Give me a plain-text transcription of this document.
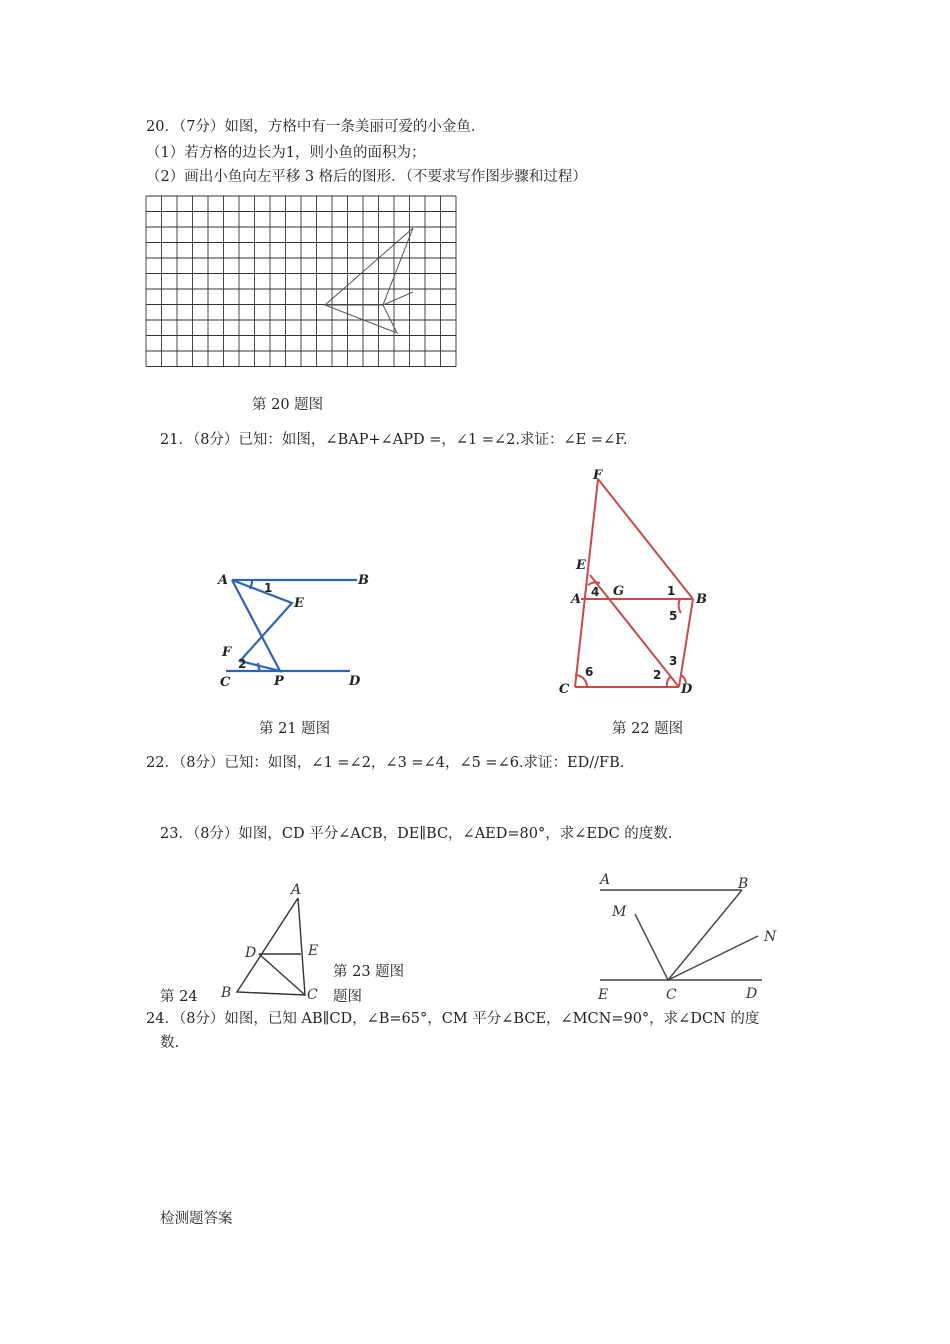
20．（7分）如图，方格中有一条美丽可爱的小金鱼．
（1）若方格的边长为1，则小鱼的面积为；
（2）画出小鱼向左平移 3 格后的图形．（不要求写作图步骤和过程）
第 20 题图
21．（8分）已知：如图，∠BAP+∠APD =，∠1 =∠2.求证：∠E =∠F.
A	B
1
E
F
2
C	P	D
第 21 题图
F
E
4
A
G	1
B
5
3
6	2
C	D
第 22 题图
22．（8分）已知：如图，∠1 =∠2，∠3 =∠4，∠5 =∠6.求证：ED//FB.
23．（8分）如图，CD 平分∠ACB，DE∥BC，∠AED=80°，求∠EDC 的度数.
A
D	E
B	C
第 23 题图
第 24	题图
A	B
M
N
E	C	D
24．（8分）如图，已知 AB∥CD，∠B=65°，CM 平分∠BCE，∠MCN=90°，求∠DCN 的度
数.
检测题答案
